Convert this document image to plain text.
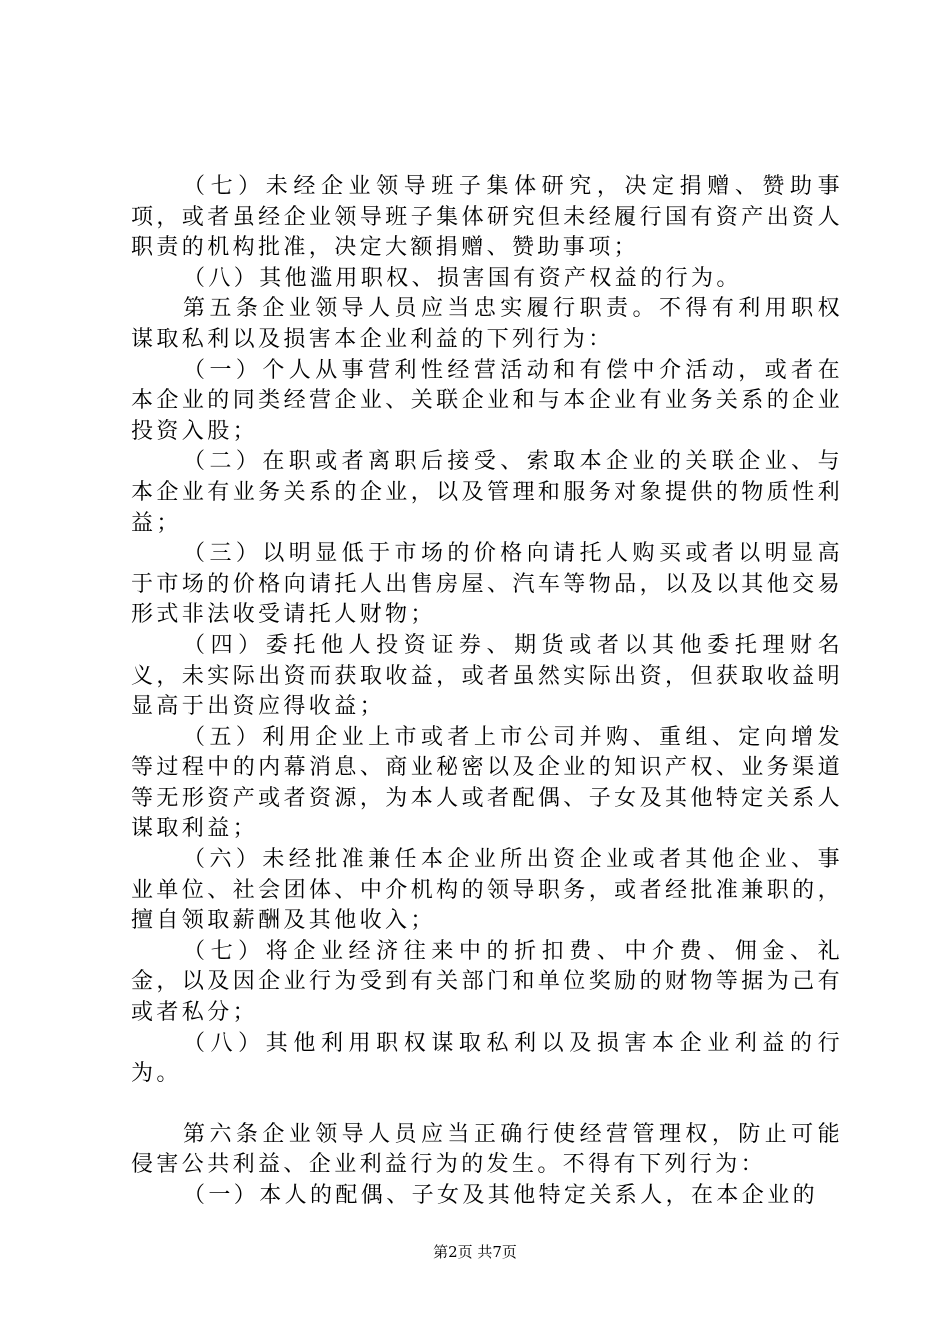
（七）未经企业领导班子集体研究，决定捐赠、赞助事项，或者虽经企业领导班子集体研究但未经履行国有资产出资人职责的机构批准，决定大额捐赠、赞助事项；

（八）其他滥用职权、损害国有资产权益的行为。

第五条企业领导人员应当忠实履行职责。不得有利用职权谋取私利以及损害本企业利益的下列行为：

（一）个人从事营利性经营活动和有偿中介活动，或者在本企业的同类经营企业、关联企业和与本企业有业务关系的企业投资入股；

（二）在职或者离职后接受、索取本企业的关联企业、与本企业有业务关系的企业，以及管理和服务对象提供的物质性利益；

（三）以明显低于市场的价格向请托人购买或者以明显高于市场的价格向请托人出售房屋、汽车等物品，以及以其他交易形式非法收受请托人财物；

（四）委托他人投资证券、期货或者以其他委托理财名义，未实际出资而获取收益，或者虽然实际出资，但获取收益明显高于出资应得收益；

（五）利用企业上市或者上市公司并购、重组、定向增发等过程中的内幕消息、商业秘密以及企业的知识产权、业务渠道等无形资产或者资源，为本人或者配偶、子女及其他特定关系人谋取利益；

（六）未经批准兼任本企业所出资企业或者其他企业、事业单位、社会团体、中介机构的领导职务，或者经批准兼职的，擅自领取薪酬及其他收入；

（七）将企业经济往来中的折扣费、中介费、佣金、礼金，以及因企业行为受到有关部门和单位奖励的财物等据为己有或者私分；

（八）其他利用职权谋取私利以及损害本企业利益的行为。

第六条企业领导人员应当正确行使经营管理权，防止可能侵害公共利益、企业利益行为的发生。不得有下列行为：

（一）本人的配偶、子女及其他特定关系人，在本企业的

第2页 共7页
